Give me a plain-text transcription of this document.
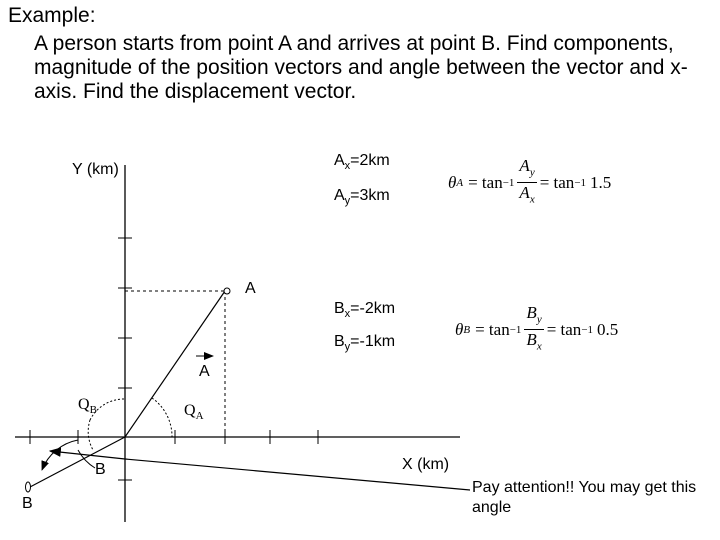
Example:
A person starts from point A and arrives at point B. Find components, magnitude of the position vectors and angle between the vector and x-axis. Find the displacement vector.
Y (km)
X (km)
A
B
B
A
$Q_B$	$Q_A$
$A_x=2km$
$A_y=3km$
$B_x=-2km$
$B_y=-1km$
θ $A = \tan -1 \frac{A_y}{A_x} = \tan -1$ 1.5
θ $B = \tan -1 \frac{B_y}{B_x} = \tan -1$ 0.5
Pay attention!! You may get this angle
